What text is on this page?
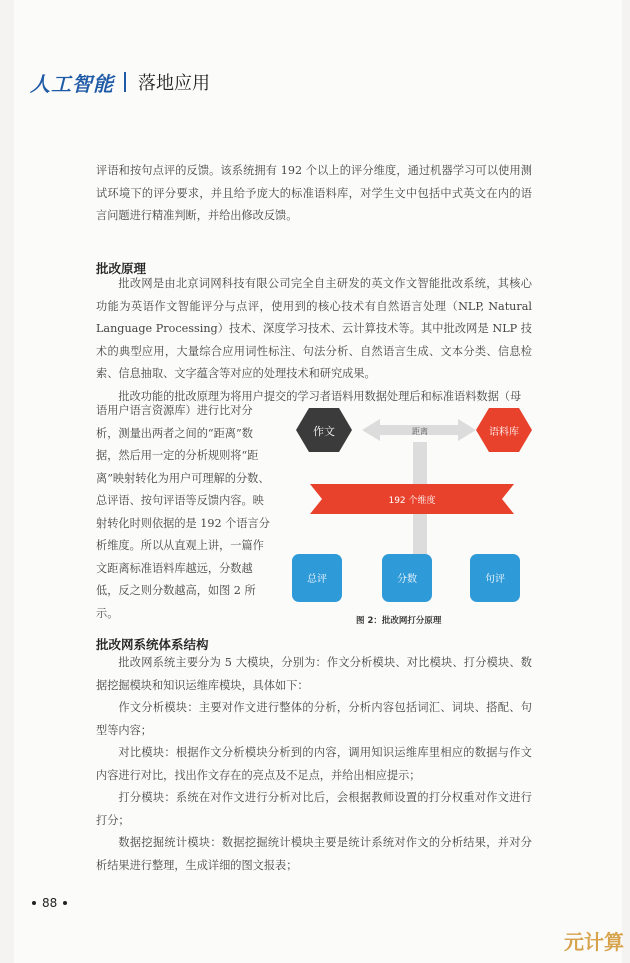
人工智能 落地应用

评语和按句点评的反馈。该系统拥有 192 个以上的评分维度，通过机器学习可以使用测试环境下的评分要求，并且给予庞大的标准语料库，对学生文中包括中式英文在内的语言问题进行精准判断，并给出修改反馈。

批改原理

批改网是由北京词网科技有限公司完全自主研发的英文作文智能批改系统，其核心功能为英语作文智能评分与点评，使用到的核心技术有自然语言处理（NLP, Natural Language Processing）技术、深度学习技术、云计算技术等。其中批改网是 NLP 技术的典型应用，大量综合应用词性标注、句法分析、自然语言生成、文本分类、信息检索、信息抽取、文字蕴含等对应的处理技术和研究成果。

批改功能的批改原理为将用户提交的学习者语料用数据处理后和标准语料数据（母

语用户语言资源库）进行比对分析，测量出两者之间的“距离”数据，然后用一定的分析规则将“距离”映射转化为用户可理解的分数、总评语、按句评语等反馈内容。映射转化时则依据的是 192 个语言分析维度。所以从直观上讲，一篇作文距离标准语料库越远，分数越低，反之则分数越高，如图 2 所示。

距离
作文	语料库
192 个维度
总评	分数	句评
图 2：批改网打分原理
批改网系统体系结构

批改网系统主要分为 5 大模块，分别为：作文分析模块、对比模块、打分模块、数据挖掘模块和知识运维库模块，具体如下：

作文分析模块：主要对作文进行整体的分析，分析内容包括词汇、词块、搭配、句型等内容；

对比模块：根据作文分析模块分析到的内容，调用知识运维库里相应的数据与作文内容进行对比，找出作文存在的亮点及不足点，并给出相应提示；

打分模块：系统在对作文进行分析对比后，会根据教师设置的打分权重对作文进行打分；

数据挖掘统计模块：数据挖掘统计模块主要是统计系统对作文的分析结果，并对分析结果进行整理，生成详细的图文报表；

88
元计算
